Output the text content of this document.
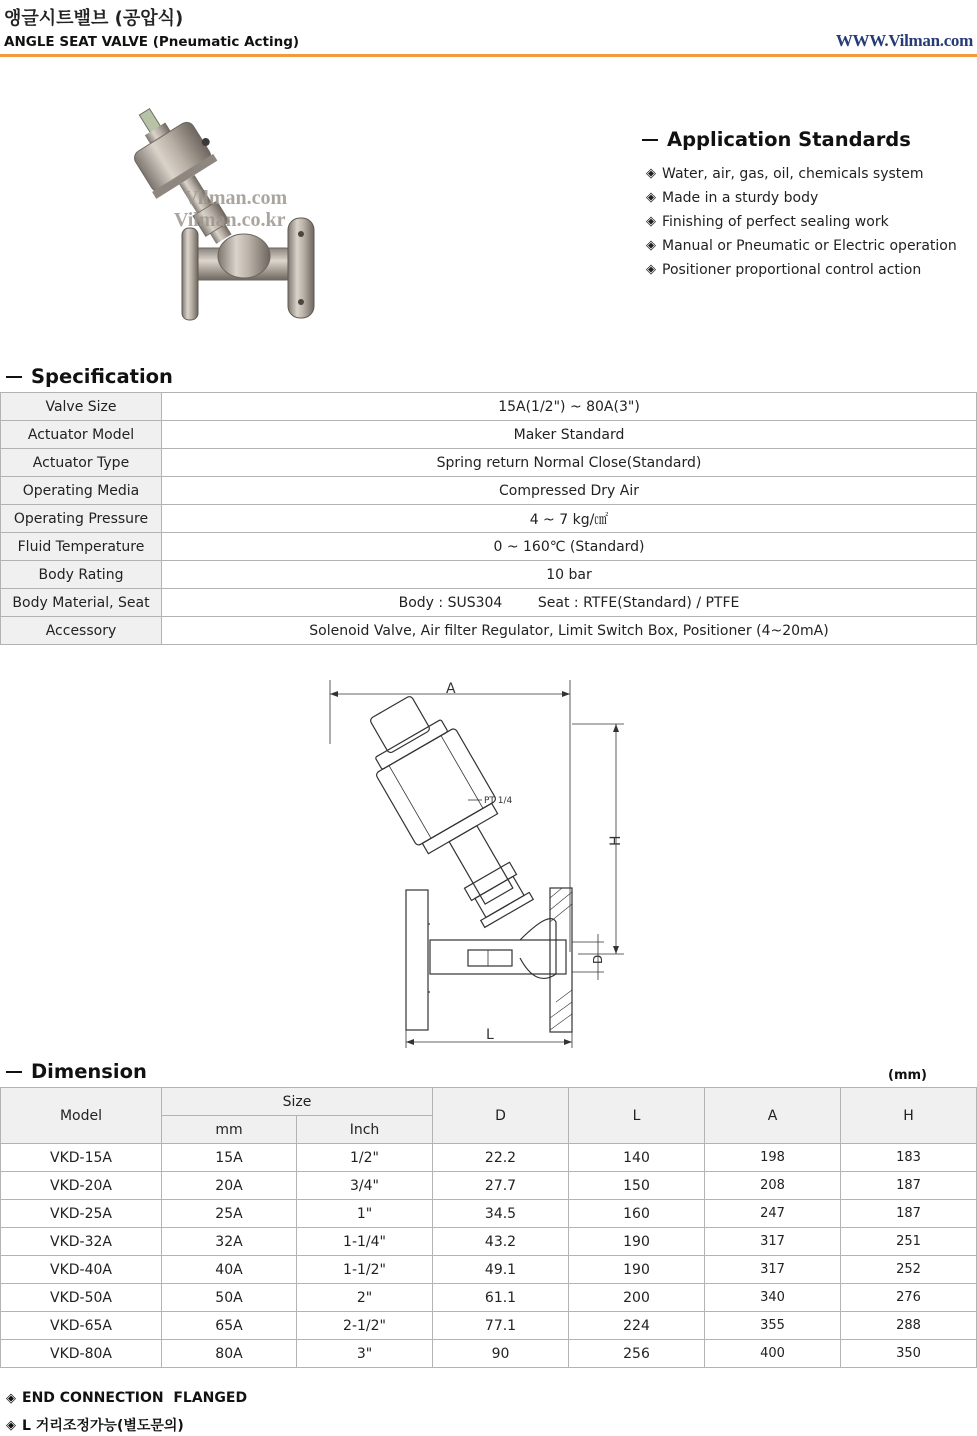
앵글시트밸브 (공압식)
ANGLE SEAT VALVE (Pneumatic Acting)	WWW.Vilman.com
Vilman.com
Vilman.co.kr
Application Standards
◈ Water, air, gas, oil, chemicals system
◈ Made in a sturdy body
◈ Finishing of perfect sealing work
◈ Manual or Pneumatic or Electric operation
◈ Positioner proportional control action
Specification
Valve Size	15A(1/2") ~ 80A(3")
Actuator Model	Maker Standard
Actuator Type	Spring return Normal Close(Standard)
Operating Media	Compressed Dry Air
Operating Pressure	4 ~ 7 kg/㎠
Fluid Temperature	0 ~ 160℃ (Standard)
Body Rating	10 bar
Body Material, Seat	Body : SUS304        Seat : RTFE(Standard) / PTFE
Accessory	Solenoid Valve, Air filter Regulator, Limit Switch Box, Positioner (4~20mA)
A
H
PT 1/4
D
L
Dimension	(mm)
Model	Size		D	L	A	H
	mm	Inch				
VKD-15A	15A	1/2"	22.2	140	198	183
VKD-20A	20A	3/4"	27.7	150	208	187
VKD-25A	25A	1"	34.5	160	247	187
VKD-32A	32A	1-1/4"	43.2	190	317	251
VKD-40A	40A	1-1/2"	49.1	190	317	252
VKD-50A	50A	2"	61.1	200	340	276
VKD-65A	65A	2-1/2"	77.1	224	355	288
VKD-80A	80A	3"	90	256	400	350
◈ END CONNECTION  FLANGED
◈ L 거리조정가능(별도문의)
